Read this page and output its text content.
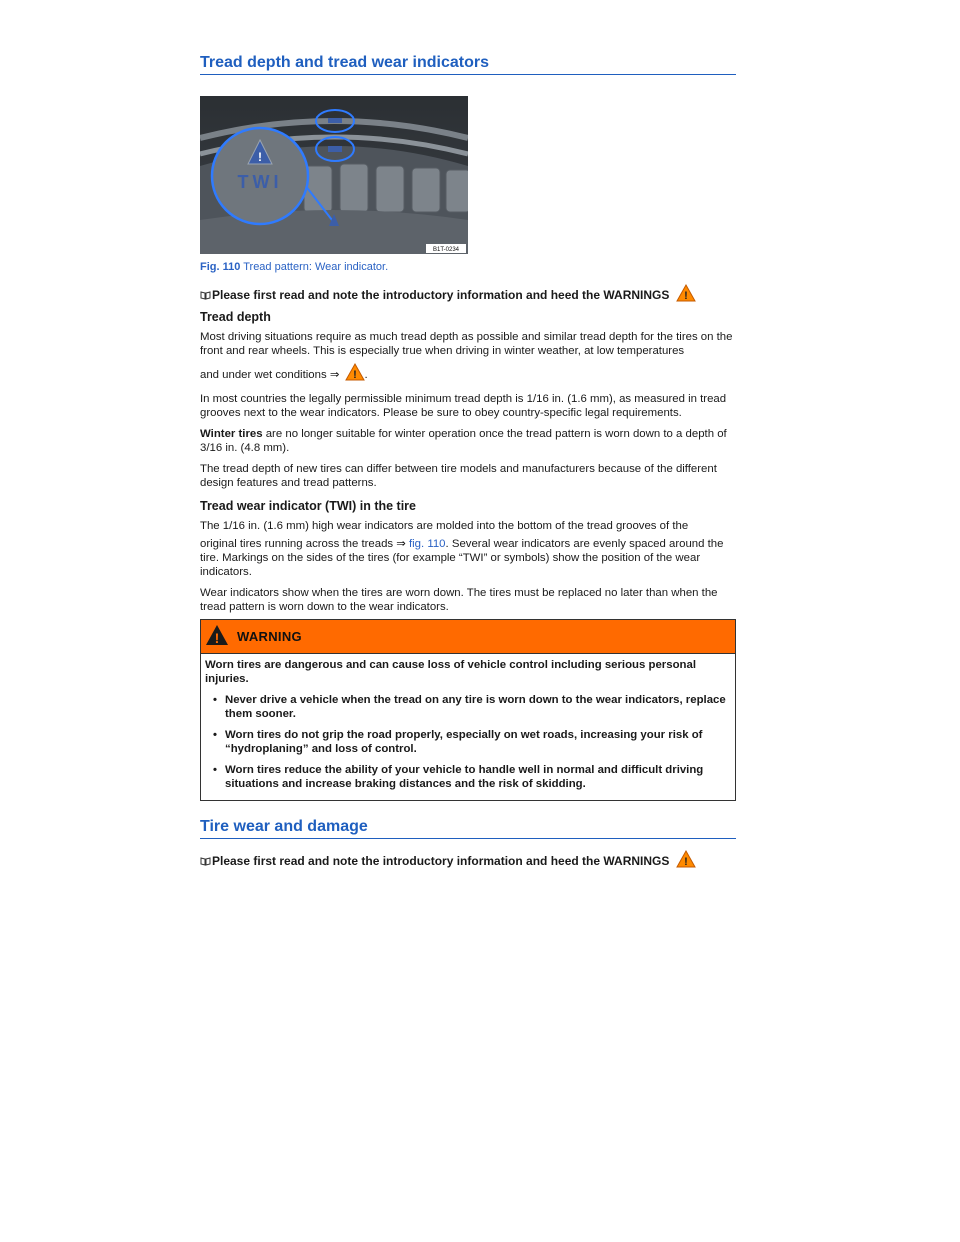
Tread depth and tread wear indicators
!
TWI
B1T-0234
Fig. 110 Tread pattern: Wear indicator.
Please first read and note the introductory information and heed the WARNINGS !
Tread depth

Most driving situations require as much tread depth as possible and similar tread depth for the tires on the front and rear wheels. This is especially true when driving in winter weather, at low temperatures

and under wet conditions ⇒ ! .

In most countries the legally permissible minimum tread depth is 1/16 in. (1.6 mm), as measured in tread grooves next to the wear indicators. Please be sure to obey country-specific legal requirements.

Winter tires are no longer suitable for winter operation once the tread pattern is worn down to a depth of 3/16 in. (4.8 mm).

The tread depth of new tires can differ between tire models and manufacturers because of the different design features and tread patterns.

Tread wear indicator (TWI) in the tire

The 1/16 in. (1.6 mm) high wear indicators are molded into the bottom of the tread grooves of the

original tires running across the treads ⇒ fig. 110. Several wear indicators are evenly spaced around the tire. Markings on the sides of the tires (for example “TWI” or symbols) show the position of the wear indicators.

Wear indicators show when the tires are worn down. The tires must be replaced no later than when the tread pattern is worn down to the wear indicators.

! WARNING

Worn tires are dangerous and can cause loss of vehicle control including serious personal injuries.

• Never drive a vehicle when the tread on any tire is worn down to the wear indicators, replace them sooner.

• Worn tires do not grip the road properly, especially on wet roads, increasing your risk of “hydroplaning” and loss of control.

• Worn tires reduce the ability of your vehicle to handle well in normal and difficult driving situations and increase braking distances and the risk of skidding.

Tire wear and damage
Please first read and note the introductory information and heed the WARNINGS !
